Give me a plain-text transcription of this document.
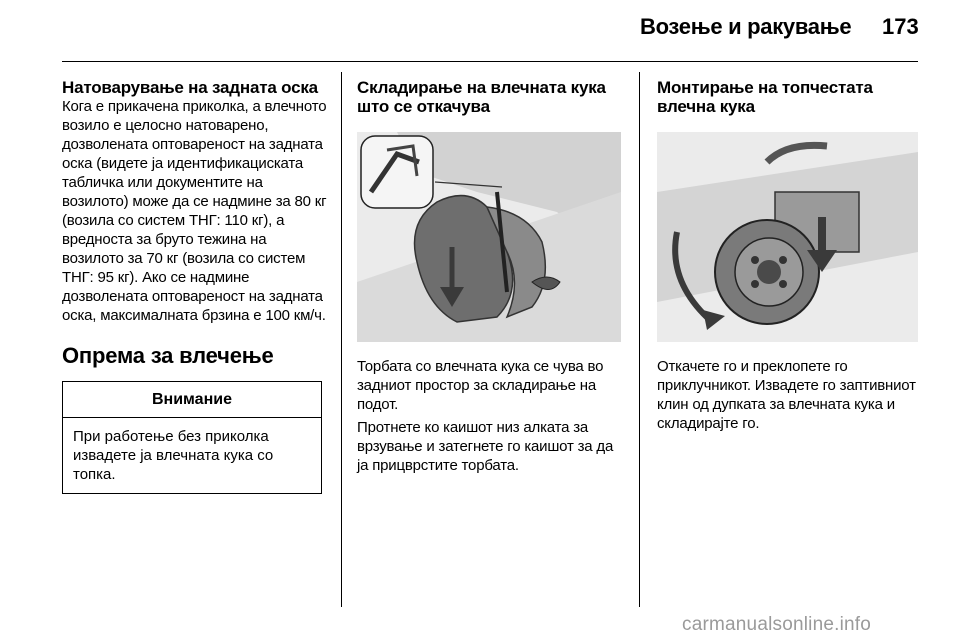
Возење и ракување 173
Натоварување на задната оска

Кога е прикачена приколка, а влечното возило е целосно натоварено, дозволената оптовареност на задната оска (видете ја идентификациската табличка или документите на возилото) може да се надмине за 80 кг (возила со систем ТНГ: 110 кг), а вредноста за бруто тежина на возилото за 70 кг (возила со систем ТНГ: 95 кг). Ако се надмине дозволената оптовареност на задната оска, максималната брзина е 100 км/ч.

Опрема за влечење
Внимание
При работење без приколка извадете ја влечната кука со топка.
Складирање на влечната кука што се откачува

Торбата со влечната кука се чува во задниот простор за складирање на подот.

Протнете ко каишот низ алката за врзување и затегнете го каишот за да ја прицврстите торбата.

Монтирање на топчестата влечна кука

Откачете го и преклопете го приклучникот. Извадете го заптивниот клин од дупката за влечната кука и складирајте го.

carmanualsonline.info
